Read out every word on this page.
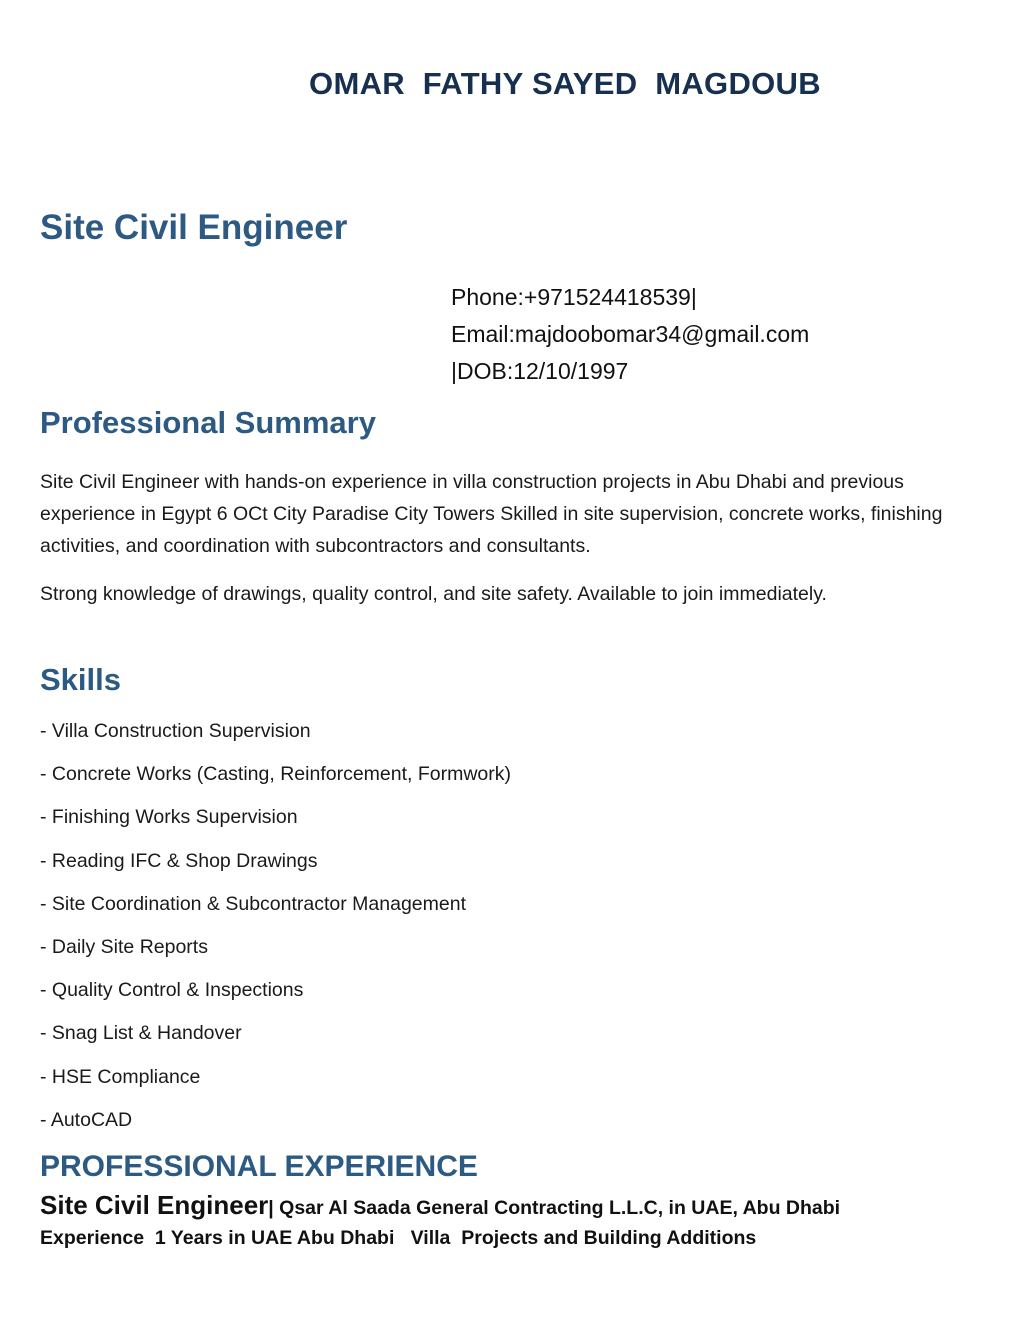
OMAR  FATHY SAYED  MAGDOUB
Site Civil Engineer
Phone:+971524418539|
Email:majdoobomar34@gmail.com
|DOB:12/10/1997
Professional Summary
Site Civil Engineer with hands-on experience in villa construction projects in Abu Dhabi and previous experience in Egypt 6 OCt City Paradise City Towers Skilled in site supervision, concrete works, finishing activities, and coordination with subcontractors and consultants.
Strong knowledge of drawings, quality control, and site safety. Available to join immediately.
Skills
- Villa Construction Supervision
- Concrete Works (Casting, Reinforcement, Formwork)
- Finishing Works Supervision
- Reading IFC & Shop Drawings
- Site Coordination & Subcontractor Management
- Daily Site Reports
- Quality Control & Inspections
- Snag List & Handover
- HSE Compliance
- AutoCAD
PROFESSIONAL EXPERIENCE
Site Civil Engineer| Qsar Al Saada General Contracting L.L.C, in UAE, Abu Dhabi
Experience  1 Years in UAE Abu Dhabi   Villa  Projects and Building Additions
